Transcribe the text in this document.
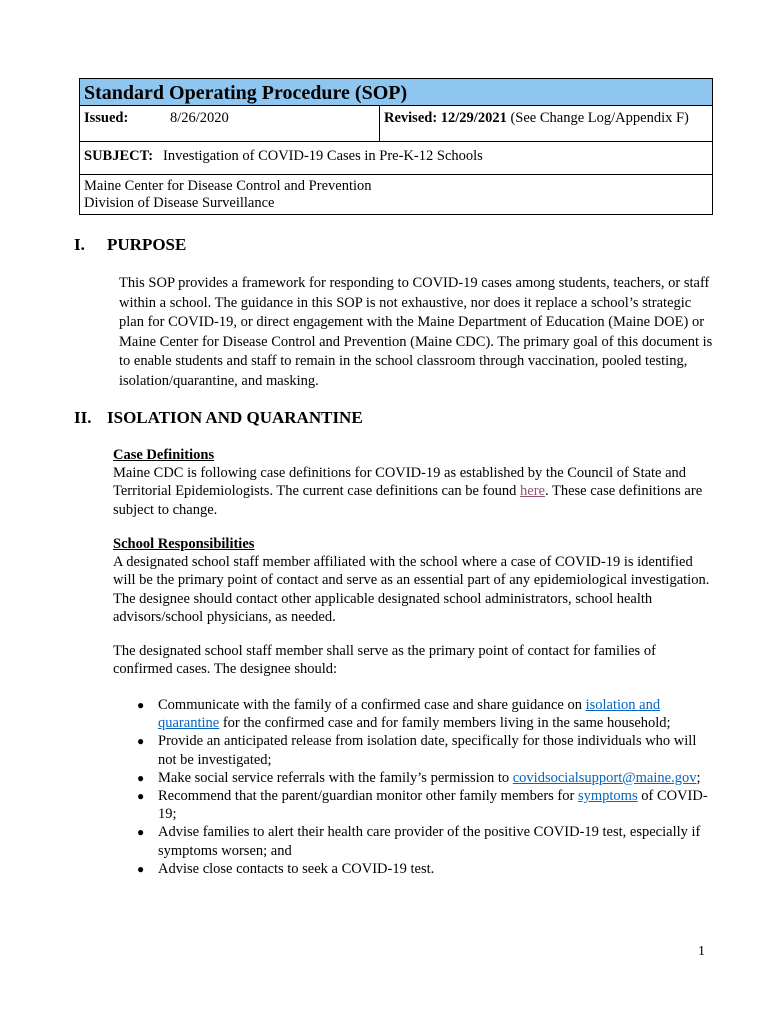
Standard Operating Procedure (SOP)
Issued:	8/26/2020	Revised: 12/29/2021 (See Change Log/Appendix F)
SUBJECT: Investigation of COVID-19 Cases in Pre-K-12 Schools
Maine Center for Disease Control and Prevention
Division of Disease Surveillance
I. PURPOSE

This SOP provides a framework for responding to COVID-19 cases among students, teachers, or staff within a school. The guidance in this SOP is not exhaustive, nor does it replace a school’s strategic plan for COVID-19, or direct engagement with the Maine Department of Education (Maine DOE) or Maine Center for Disease Control and Prevention (Maine CDC). The primary goal of this document is to enable students and staff to remain in the school classroom through vaccination, pooled testing, isolation/quarantine, and masking.

II. ISOLATION AND QUARANTINE
Case Definitions
Maine CDC is following case definitions for COVID-19 as established by the Council of State and Territorial Epidemiologists. The current case definitions can be found here. These case definitions are subject to change.
School Responsibilities
A designated school staff member affiliated with the school where a case of COVID-19 is identified will be the primary point of contact and serve as an essential part of any epidemiological investigation. The designee should contact other applicable designated school administrators, school health advisors/school physicians, as needed.

The designated school staff member shall serve as the primary point of contact for families of confirmed cases. The designee should:

● Communicate with the family of a confirmed case and share guidance on isolation and quarantine for the confirmed case and for family members living in the same household;
● Provide an anticipated release from isolation date, specifically for those individuals who will not be investigated;
● Make social service referrals with the family’s permission to covidsocialsupport@maine.gov;
● Recommend that the parent/guardian monitor other family members for symptoms of COVID-19;
● Advise families to alert their health care provider of the positive COVID-19 test, especially if symptoms worsen; and
● Advise close contacts to seek a COVID-19 test.
1
